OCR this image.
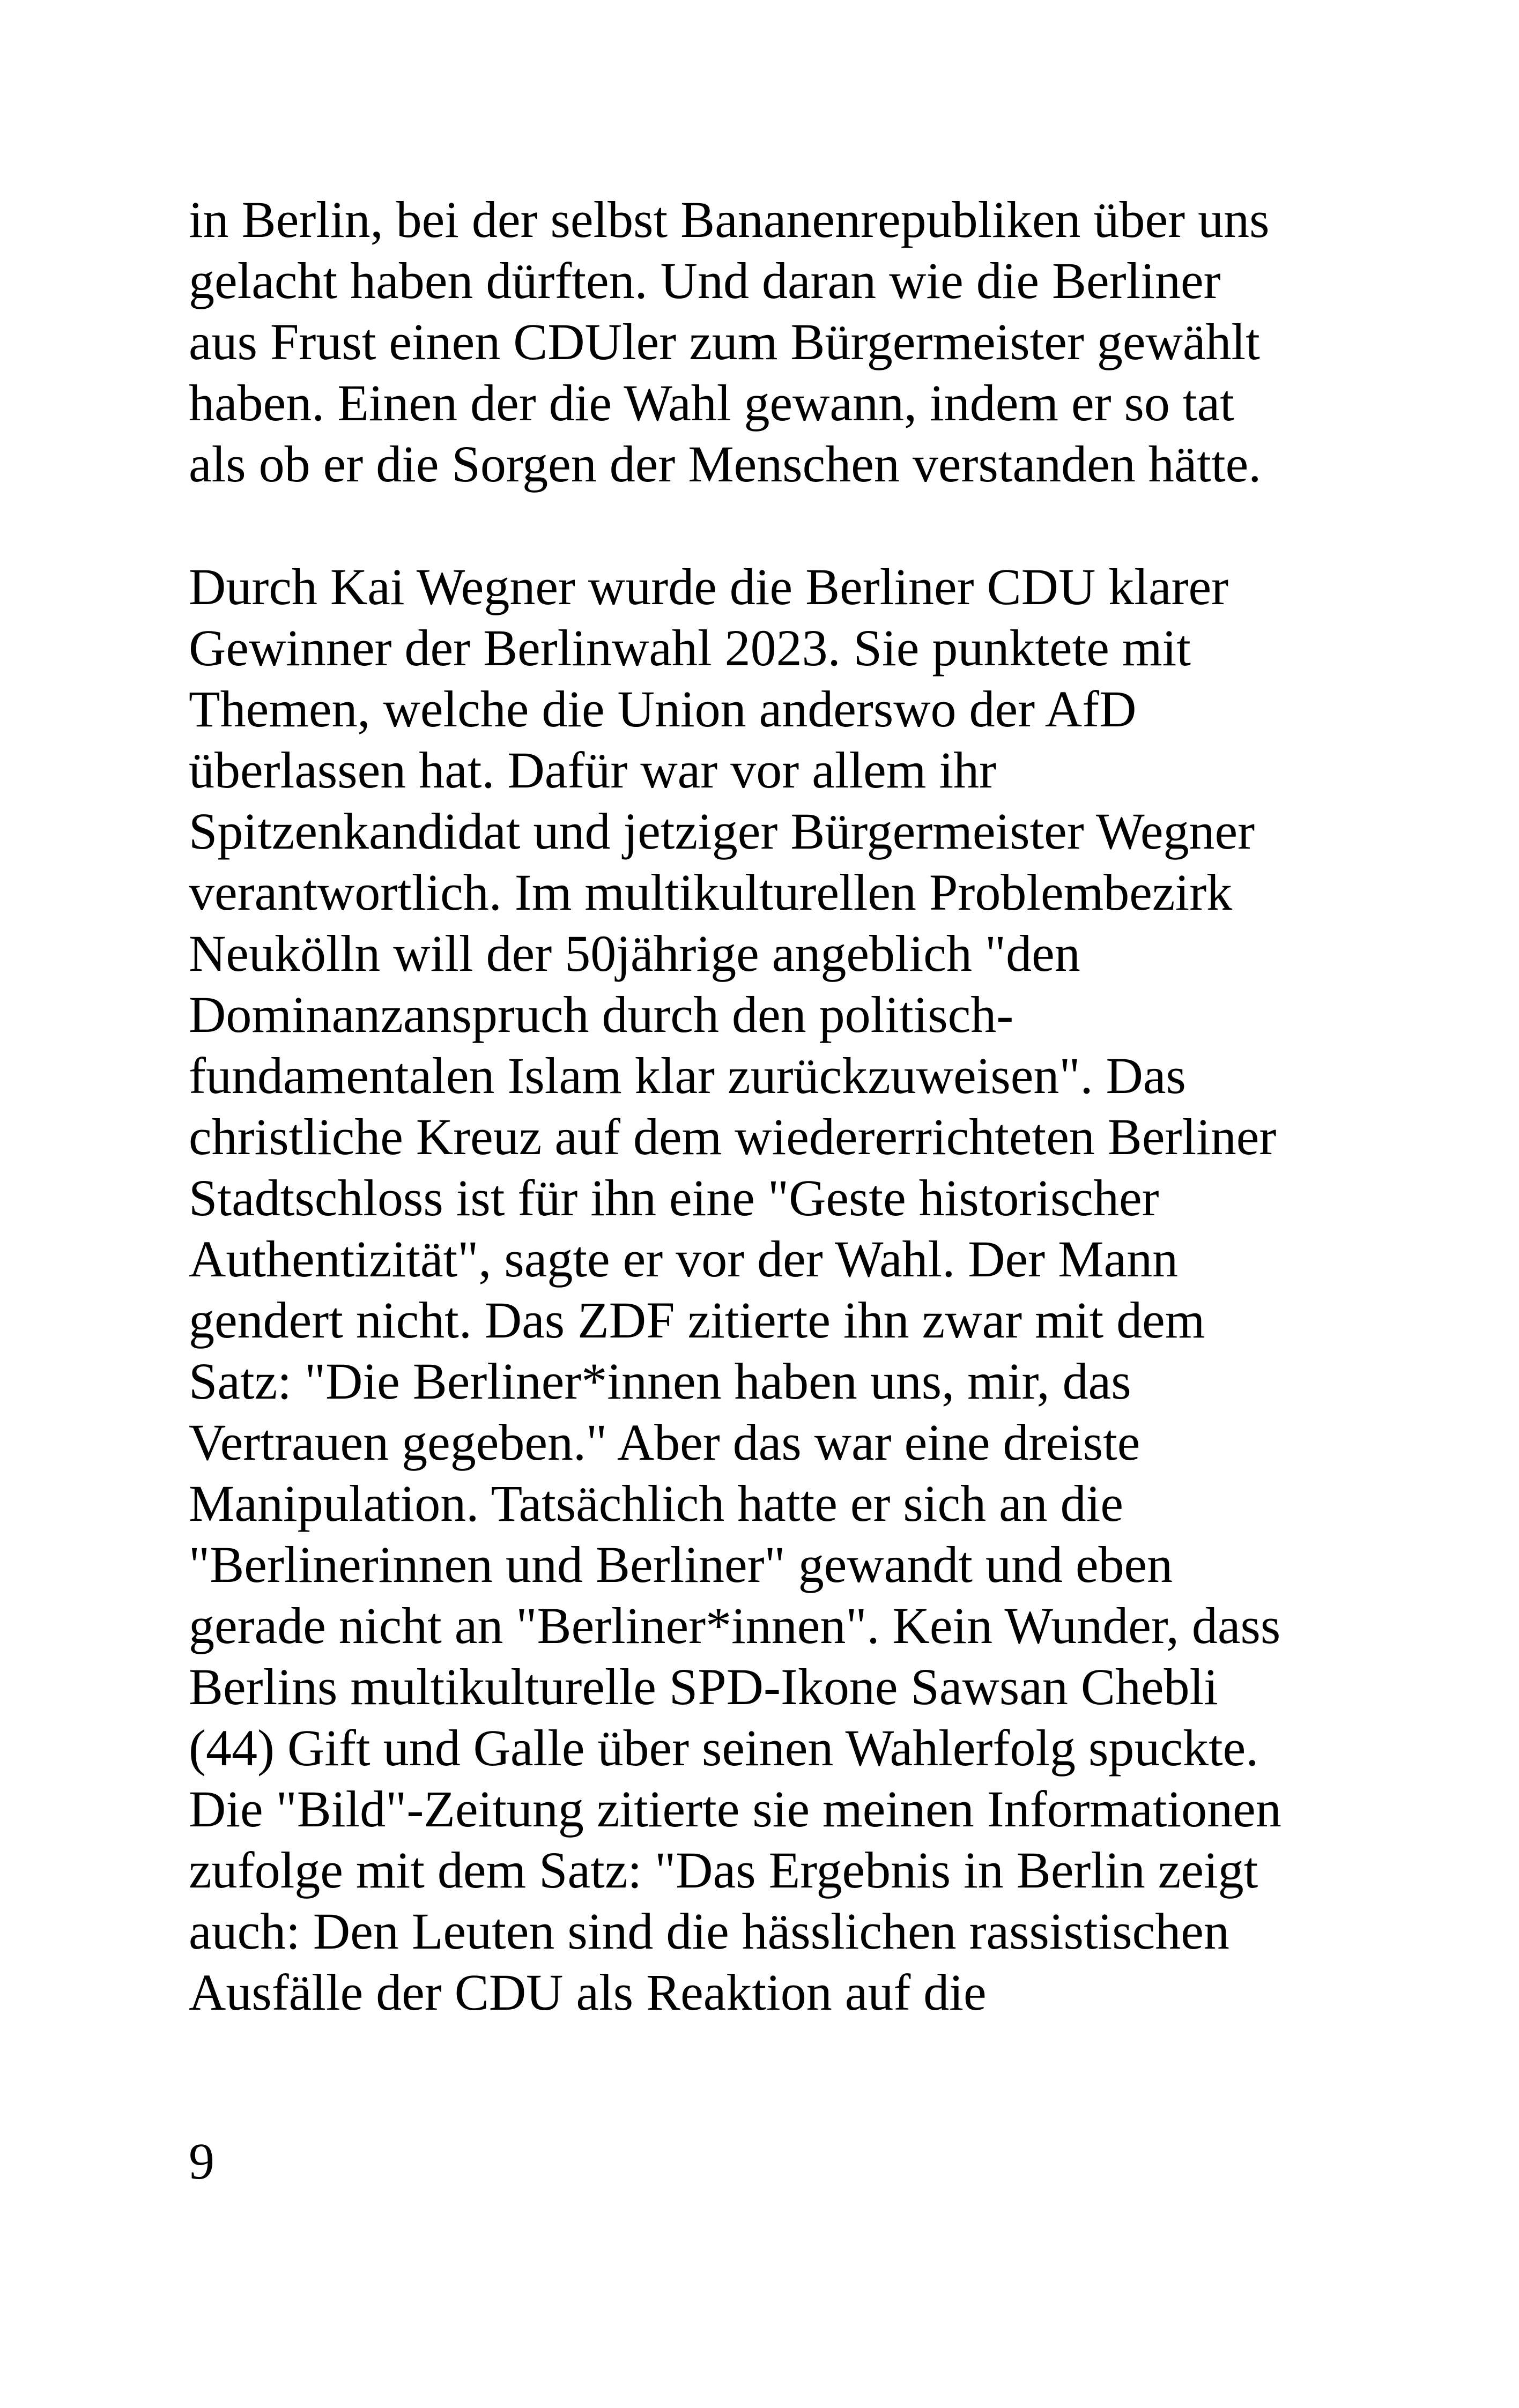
in Berlin, bei der selbst Bananenrepubliken über uns
gelacht haben dürften. Und daran wie die Berliner
aus Frust einen CDUler zum Bürgermeister gewählt
haben. Einen der die Wahl gewann, indem er so tat
als ob er die Sorgen der Menschen verstanden hätte.

Durch Kai Wegner wurde die Berliner CDU klarer
Gewinner der Berlinwahl 2023. Sie punktete mit
Themen, welche die Union anderswo der AfD
überlassen hat. Dafür war vor allem ihr
Spitzenkandidat und jetziger Bürgermeister Wegner
verantwortlich. Im multikulturellen Problembezirk
Neukölln will der 50jährige angeblich "den
Dominanzanspruch durch den politisch-
fundamentalen Islam klar zurückzuweisen". Das
christliche Kreuz auf dem wiedererrichteten Berliner
Stadtschloss ist für ihn eine "Geste historischer
Authentizität", sagte er vor der Wahl. Der Mann
gendert nicht. Das ZDF zitierte ihn zwar mit dem
Satz: "Die Berliner*innen haben uns, mir, das
Vertrauen gegeben." Aber das war eine dreiste
Manipulation. Tatsächlich hatte er sich an die
"Berlinerinnen und Berliner" gewandt und eben
gerade nicht an "Berliner*innen". Kein Wunder, dass
Berlins multikulturelle SPD-Ikone Sawsan Chebli
(44) Gift und Galle über seinen Wahlerfolg spuckte.
Die "Bild"-Zeitung zitierte sie meinen Informationen
zufolge mit dem Satz: "Das Ergebnis in Berlin zeigt
auch: Den Leuten sind die hässlichen rassistischen
Ausfälle der CDU als Reaktion auf die

9
